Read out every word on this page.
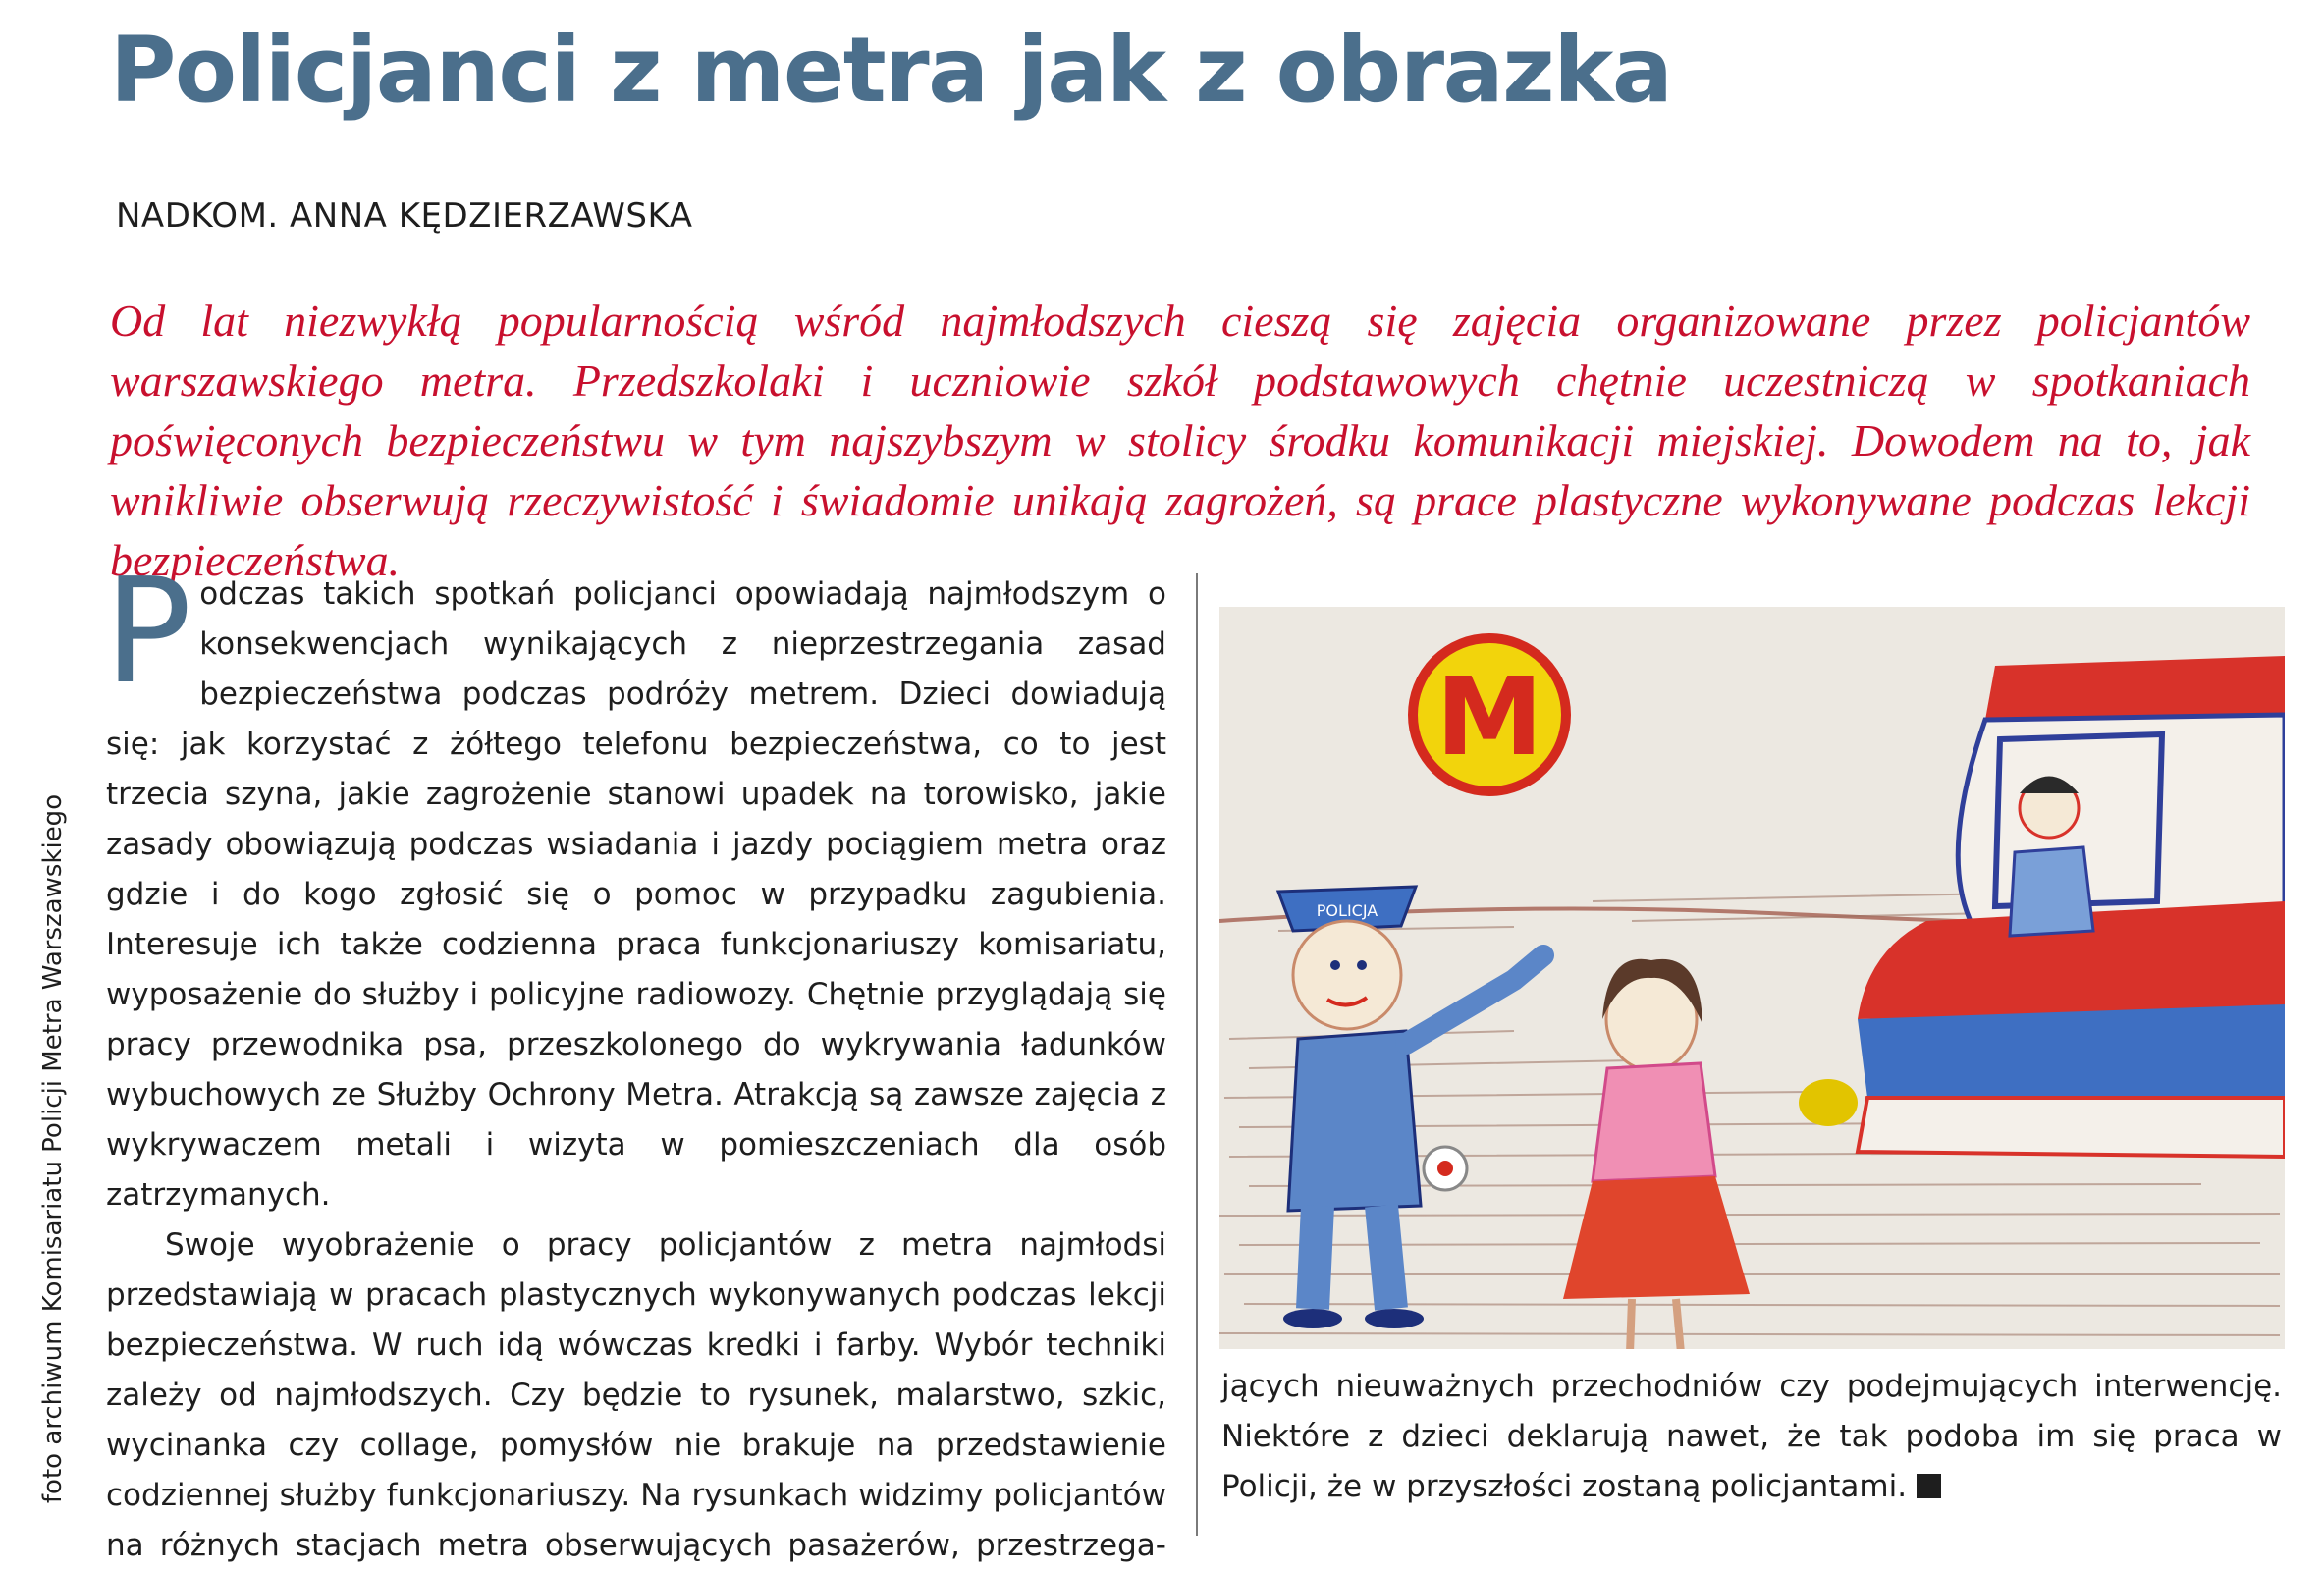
Policjanci z metra jak z obrazka
NADKOM. ANNA KĘDZIERZAWSKA

Od lat niezwykłą popularnością wśród najmłodszych cieszą się zajęcia organizowane przez policjantów warszawskiego metra. Przedszkolaki i uczniowie szkół podstawowych chętnie uczestniczą w spotkaniach poświęconych bezpieczeństwu w tym najszybszym w stolicy środku komunikacji miejskiej. Dowodem na to, jak wnikliwie obserwują rzeczywistość i świadomie unikają zagrożeń, są prace plastyczne wykonywane podczas lekcji bezpieczeństwa.

foto archiwum Komisariatu Policji Metra Warszawskiego

Podczas takich spotkań policjanci opowiadają najmłodszym o konsekwencjach wynikających z nieprzestrzegania zasad bezpieczeństwa podczas podróży metrem. Dzieci dowiadują się: jak korzystać z żółtego telefonu bezpieczeństwa, co to jest trzecia szyna, jakie zagrożenie stanowi upadek na torowisko, jakie zasady obowiązują podczas wsiadania i jazdy pociągiem metra oraz gdzie i do kogo zgłosić się o pomoc w przypadku zagubienia. Interesuje ich także codzienna praca funkcjonariuszy komisariatu, wyposażenie do służby i policyjne radiowozy. Chętnie przyglądają się pracy przewodnika psa, przeszkolonego do wykrywania ładunków wybuchowych ze Służby Ochrony Metra. Atrakcją są zawsze zajęcia z wykrywaczem metali i wizyta w pomieszczeniach dla osób zatrzymanych.

Swoje wyobrażenie o pracy policjantów z metra najmłodsi przedstawiają w pracach plastycznych wykonywanych podczas lekcji bezpieczeństwa. W ruch idą wówczas kredki i farby. Wybór techniki zależy od najmłodszych. Czy będzie to rysunek, malarstwo, szkic, wycinanka czy collage, pomysłów nie brakuje na przedstawienie codziennej służby funkcjonariuszy. Na rysunkach widzimy policjantów na różnych stacjach metra obserwujących pasażerów, przestrzega-

M
POLICJA

jących nieuważnych przechodniów czy podejmujących interwencję. Niektóre z dzieci deklarują nawet, że tak podoba im się praca w Policji, że w przyszłości zostaną policjantami.
